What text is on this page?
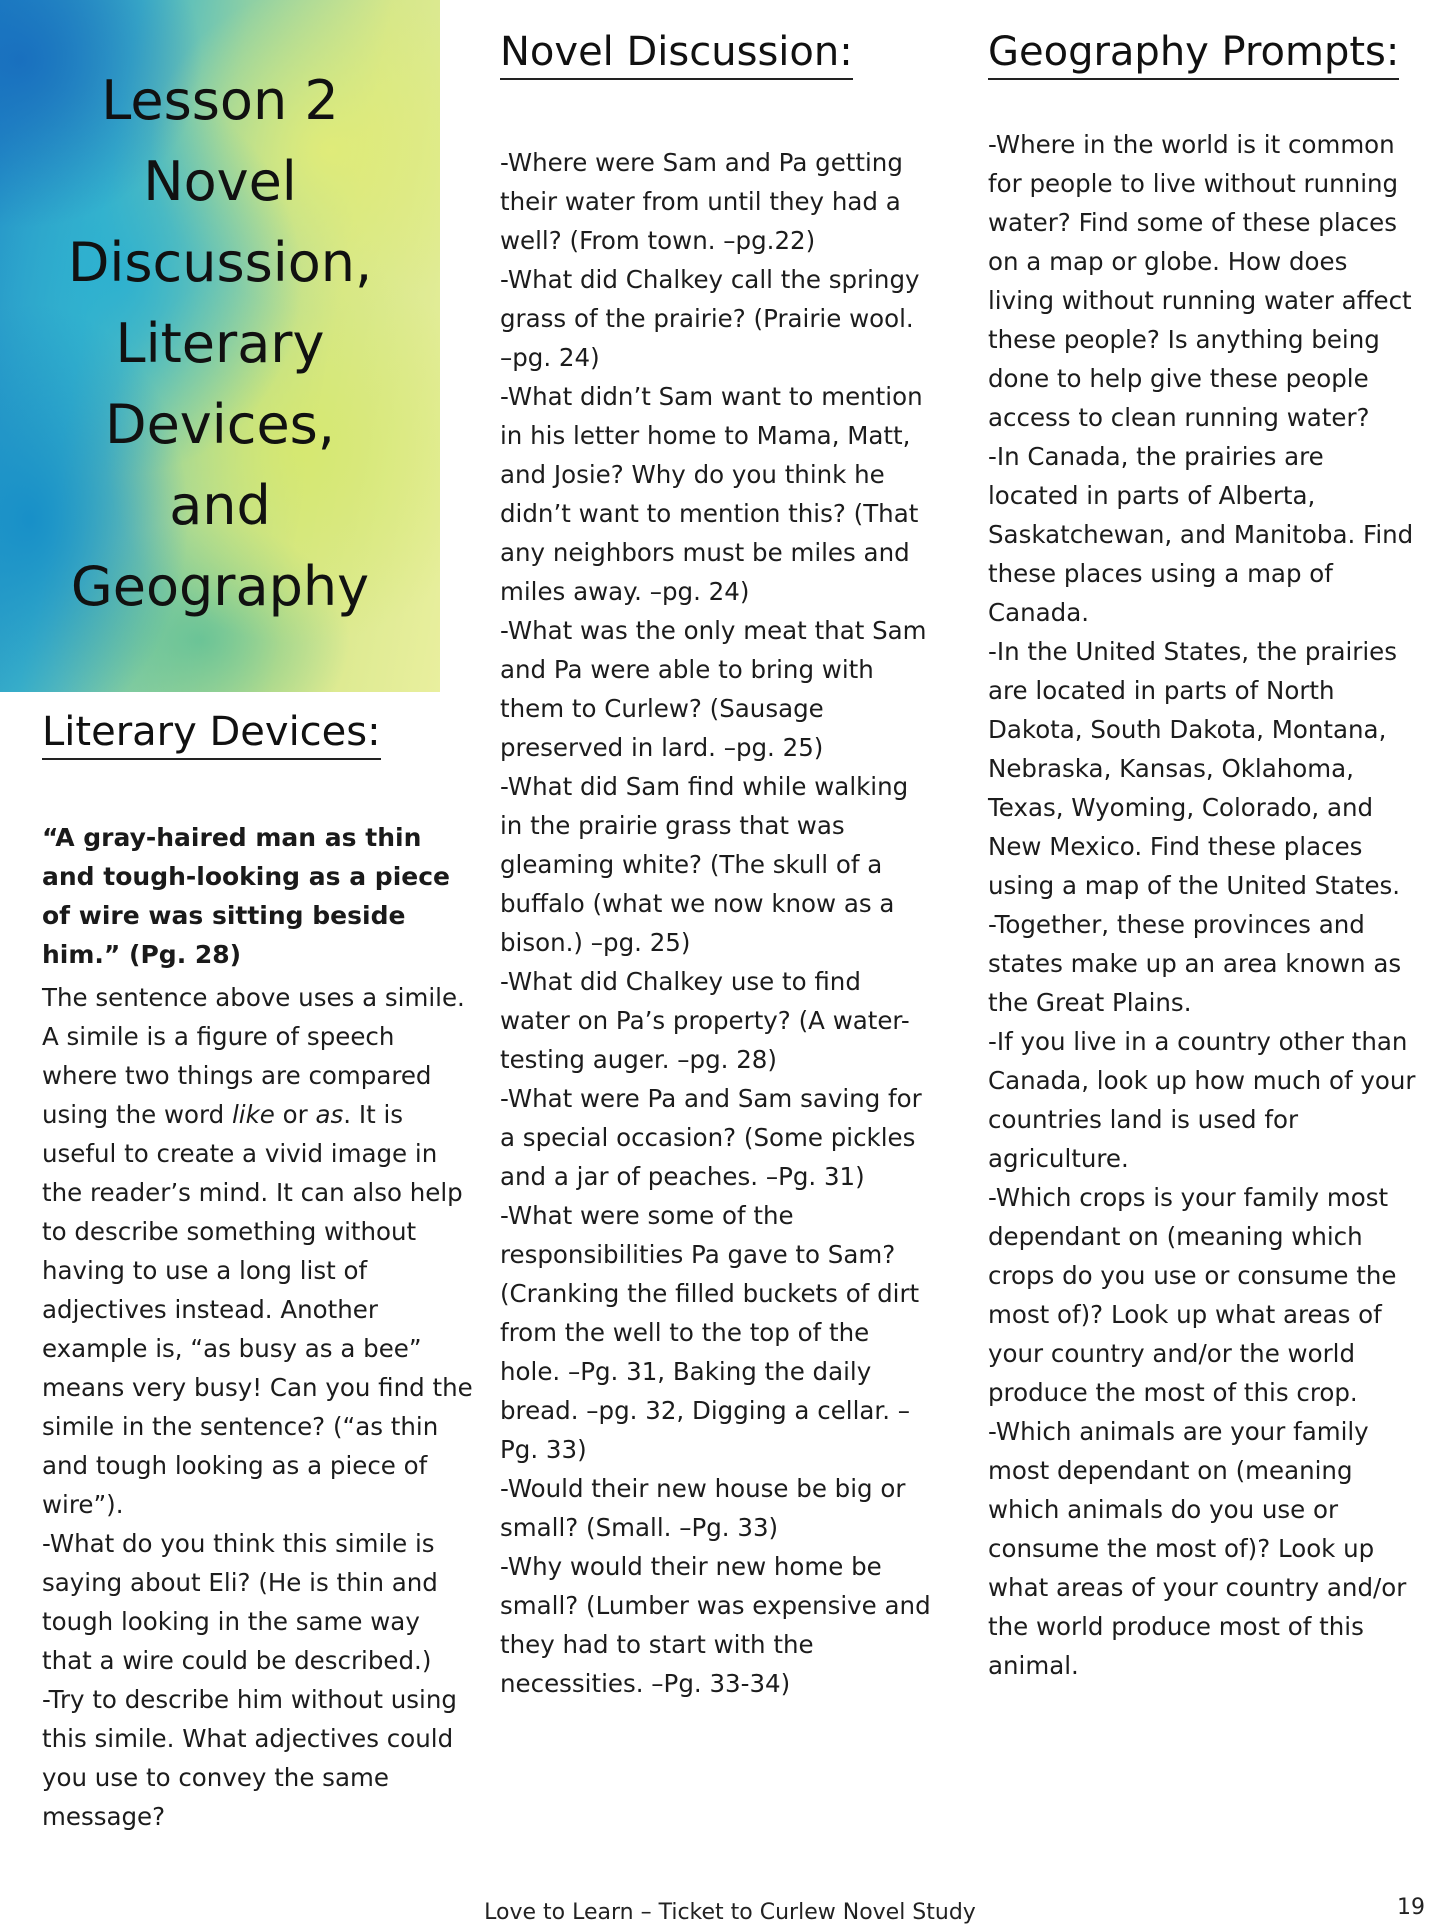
Lesson 2
Novel
Discussion,
Literary
Devices,
and
Geography
Novel Discussion:	Geography Prompts:
Literary Devices:

-Where were Sam and Pa getting their water from until they had a well? (From town. –pg.22)

-What did Chalkey call the springy grass of the prairie? (Prairie wool. –pg. 24)

-What didn’t Sam want to mention in his letter home to Mama, Matt, and Josie? Why do you think he didn’t want to mention this? (That any neighbors must be miles and miles away. –pg. 24)

-What was the only meat that Sam and Pa were able to bring with them to Curlew? (Sausage preserved in lard. –pg. 25)

-What did Sam find while walking in the prairie grass that was gleaming white? (The skull of a buffalo (what we now know as a bison.) –pg. 25)

-What did Chalkey use to find water on Pa’s property? (A water-testing auger. –pg. 28)

-What were Pa and Sam saving for a special occasion? (Some pickles and a jar of peaches. –Pg. 31)

-What were some of the responsibilities Pa gave to Sam? (Cranking the filled buckets of dirt from the well to the top of the hole. –Pg. 31, Baking the daily bread. –pg. 32, Digging a cellar. –Pg. 33)

-Would their new house be big or small? (Small. –Pg. 33)

-Why would their new home be small? (Lumber was expensive and they had to start with the necessities. –Pg. 33-34)

-Where in the world is it common for people to live without running water? Find some of these places on a map or globe. How does living without running water affect these people? Is anything being done to help give these people access to clean running water?

-In Canada, the prairies are located in parts of Alberta, Saskatchewan, and Manitoba. Find these places using a map of Canada.

-In the United States, the prairies are located in parts of North Dakota, South Dakota, Montana, Nebraska, Kansas, Oklahoma, Texas, Wyoming, Colorado, and New Mexico. Find these places using a map of the United States.

-Together, these provinces and states make up an area known as the Great Plains.

-If you live in a country other than Canada, look up how much of your countries land is used for agriculture.

-Which crops is your family most dependant on (meaning which crops do you use or consume the most of)? Look up what areas of your country and/or the world produce the most of this crop.

-Which animals are your family most dependant on (meaning which animals do you use or consume the most of)? Look up what areas of your country and/or the world produce most of this animal.

“A gray-haired man as thin and tough-looking as a piece of wire was sitting beside him.” (Pg. 28)

The sentence above uses a simile. A simile is a figure of speech where two things are compared using the word like or as. It is useful to create a vivid image in the reader’s mind. It can also help to describe something without having to use a long list of adjectives instead. Another example is, “as busy as a bee” means very busy! Can you find the simile in the sentence? (“as thin and tough looking as a piece of wire”).

-What do you think this simile is saying about Eli? (He is thin and tough looking in the same way that a wire could be described.)

-Try to describe him without using this simile. What adjectives could you use to convey the same message?

Love to Learn – Ticket to Curlew Novel Study	19
